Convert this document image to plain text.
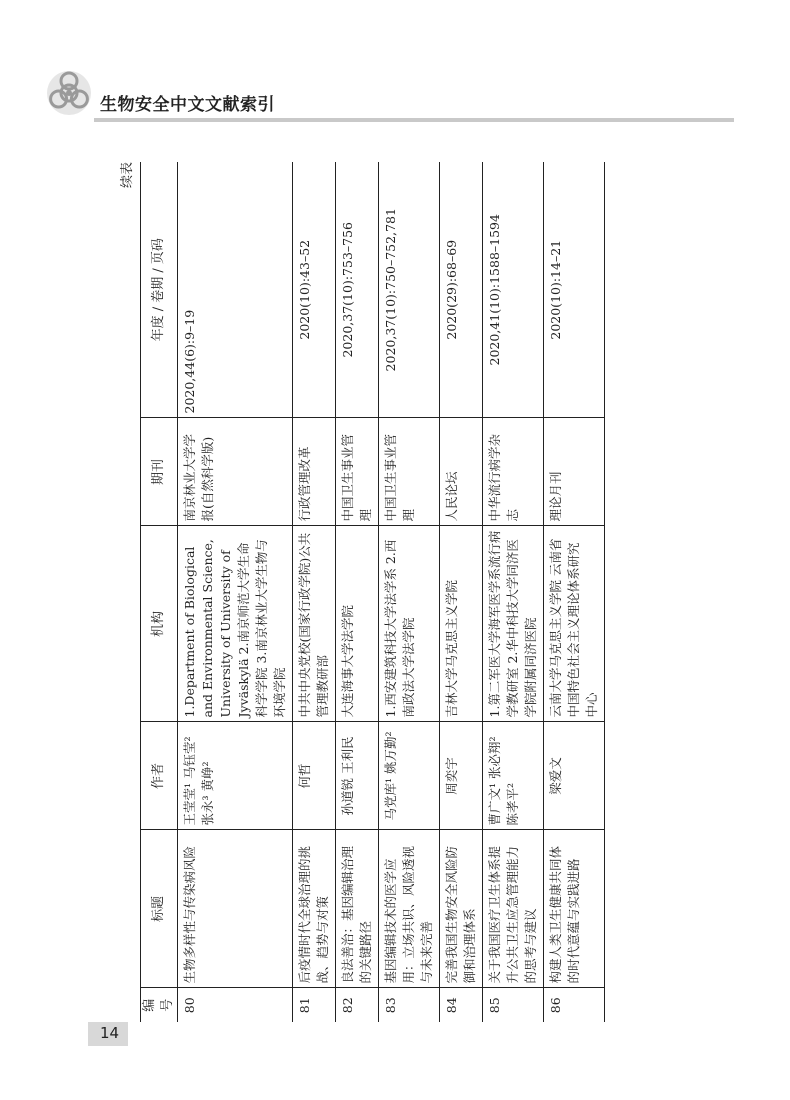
生物安全中文文献索引
14
续表
编号	标题	作者	机构	期刊	年度 / 卷期 / 页码
80	生物多样性与传染病风险	王莹莹¹ 马钰莹² 张永³ 黄峥²	1.Department of Biological and Environmental Science, University of University of Jyväskylä 2.南京师范大学生命科学学院 3.南京林业大学生物与环境学院	南京林业大学学报(自然科学版)	2020,44(6):9–19
81	后疫情时代全球治理的挑战、趋势与对策	何哲	中共中央党校(国家行政学院)公共管理教研部	行政管理改革	2020(10):43–52
82	良法善治：基因编辑治理的关键路径	孙道锐 王利民	大连海事大学法学院	中国卫生事业管理	2020,37(10):753–756
83	基因编辑技术的医学应用：立场共识、风险透视与未来完善	马党库¹ 姚万勤²	1.西安建筑科技大学法学系 2.西南政法大学法学院	中国卫生事业管理	2020,37(10):750–752,781
84	完善我国生物安全风险防御和治理体系	周奕宇	吉林大学马克思主义学院	人民论坛	2020(29):68–69
85	关于我国医疗卫生体系提升公共卫生应急管理能力的思考与建议	曹广文¹ 张必翔² 陈孝平²	1.第二军医大学海军医学系流行病学教研室 2.华中科技大学同济医学院附属同济医院	中华流行病学杂志	2020,41(10):1588–1594
86	构建人类卫生健康共同体的时代意蕴与实践进路	梁爱文	云南大学马克思主义学院 云南省中国特色社会主义理论体系研究中心	理论月刊	2020(10):14–21
